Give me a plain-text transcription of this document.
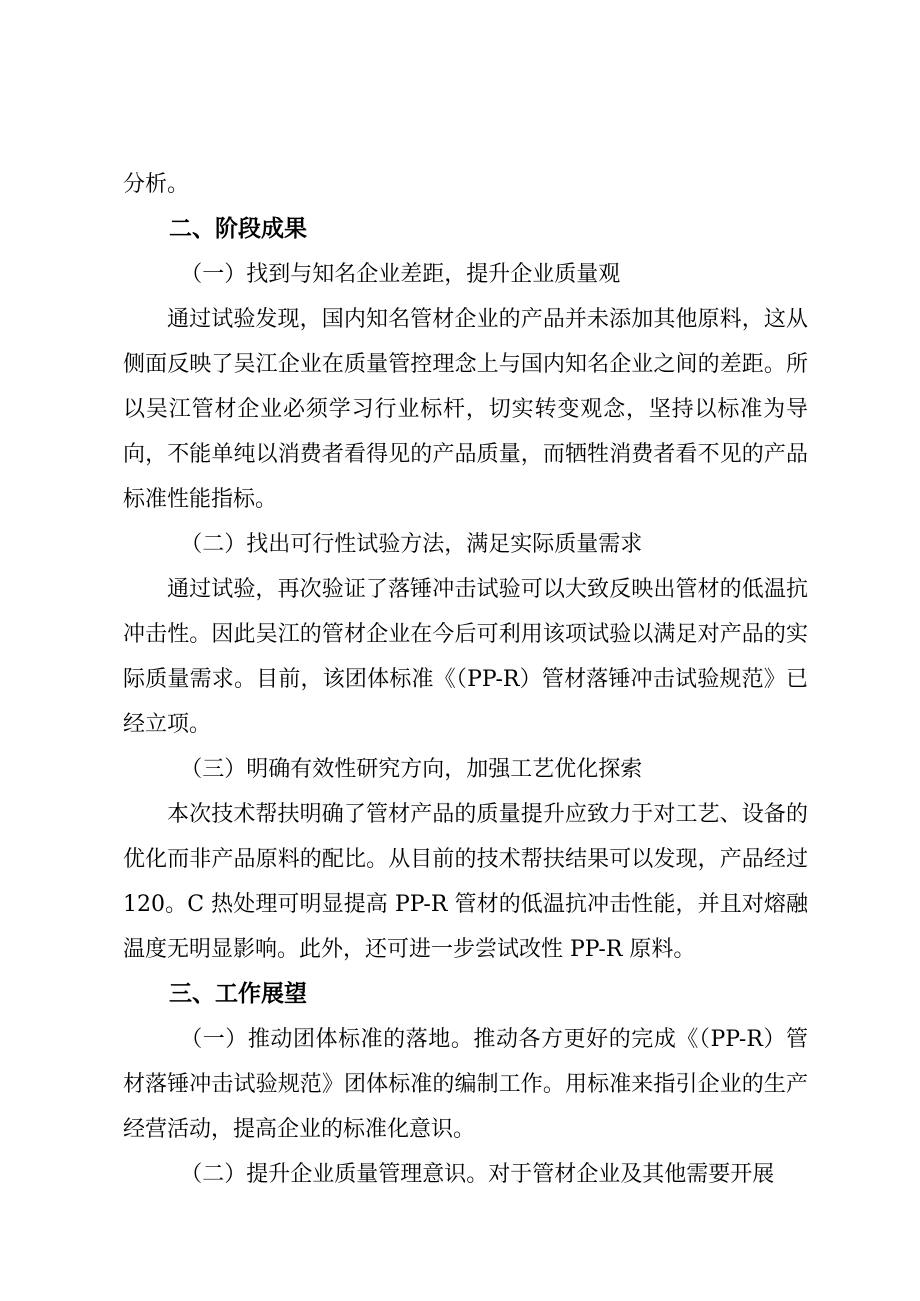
分析。

二、阶段成果

（一）找到与知名企业差距，提升企业质量观

通过试验发现，国内知名管材企业的产品并未添加其他原料，这从侧面反映了吴江企业在质量管控理念上与国内知名企业之间的差距。所以吴江管材企业必须学习行业标杆，切实转变观念，坚持以标准为导向，不能单纯以消费者看得见的产品质量，而牺牲消费者看不见的产品标准性能指标。

（二）找出可行性试验方法，满足实际质量需求

通过试验，再次验证了落锤冲击试验可以大致反映出管材的低温抗冲击性。因此吴江的管材企业在今后可利用该项试验以满足对产品的实际质量需求。目前，该团体标准《（PP-R）管材落锤冲击试验规范》已经立项。

（三）明确有效性研究方向，加强工艺优化探索

本次技术帮扶明确了管材产品的质量提升应致力于对工艺、设备的优化而非产品原料的配比。从目前的技术帮扶结果可以发现，产品经过 120。C 热处理可明显提高 PP-R 管材的低温抗冲击性能，并且对熔融温度无明显影响。此外，还可进一步尝试改性 PP-R 原料。

三、工作展望

（一）推动团体标准的落地。推动各方更好的完成《（PP-R）管材落锤冲击试验规范》团体标准的编制工作。用标准来指引企业的生产经营活动，提高企业的标准化意识。

（二）提升企业质量管理意识。对于管材企业及其他需要开展
